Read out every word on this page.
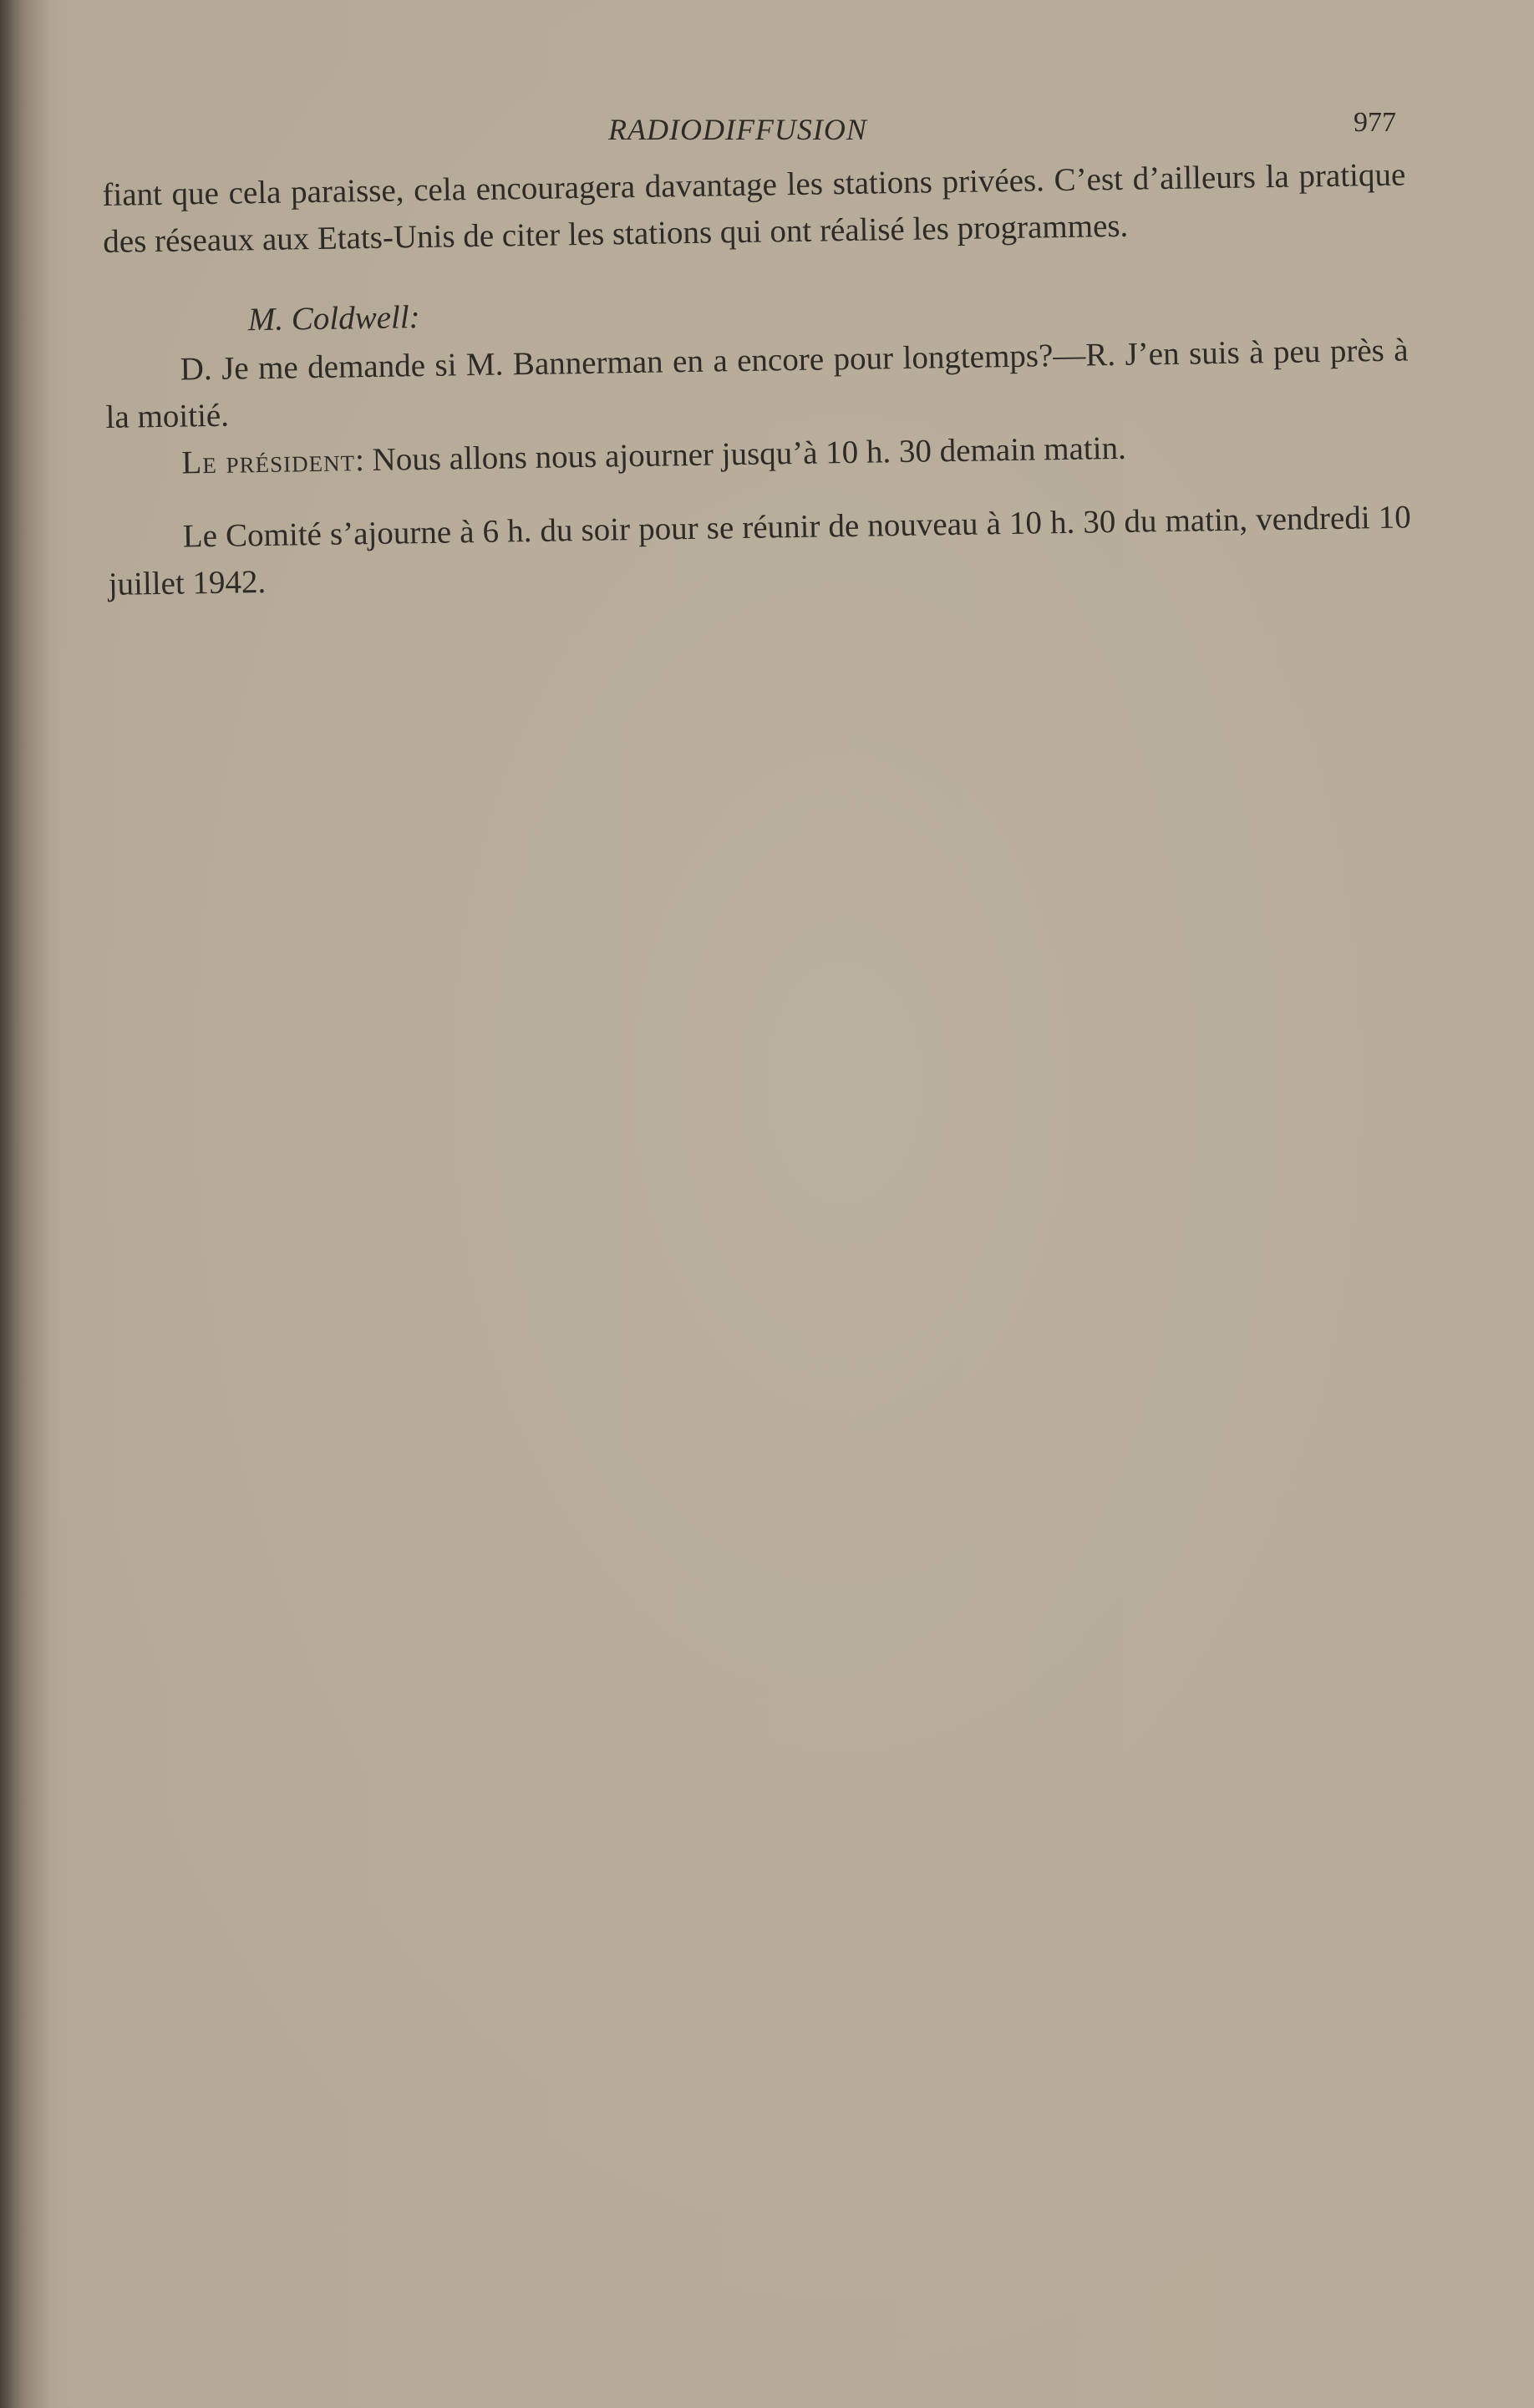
RADIODIFFUSION	977

fiant que cela paraisse, cela encouragera davantage les stations privées. C’est d’ailleurs la pratique des réseaux aux Etats-Unis de citer les stations qui ont réalisé les programmes.

M. Coldwell:

D. Je me demande si M. Bannerman en a encore pour longtemps?—R. J’en suis à peu près à la moitié.

Le président: Nous allons nous ajourner jusqu’à 10 h. 30 demain matin.

Le Comité s’ajourne à 6 h. du soir pour se réunir de nouveau à 10 h. 30 du matin, vendredi 10 juillet 1942.
